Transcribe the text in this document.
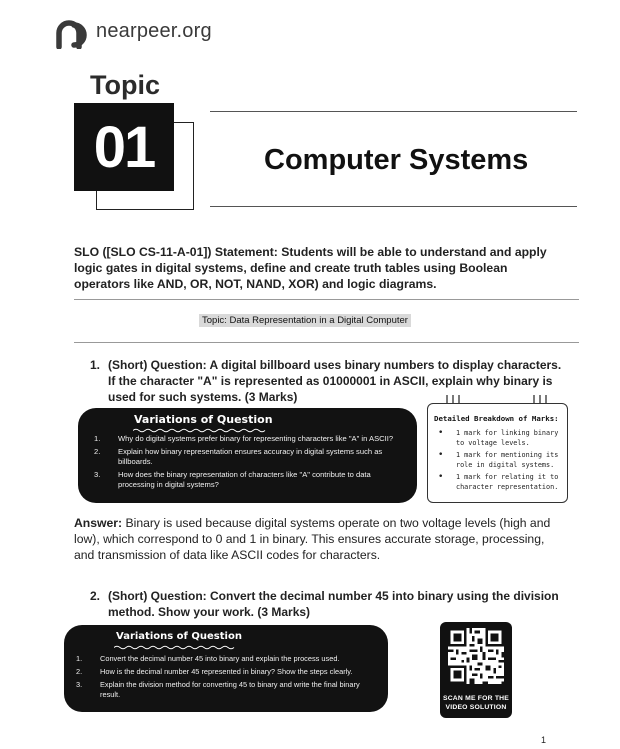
nearpeer.org
Topic
01	Computer Systems
SLO ([SLO CS-11-A-01]) Statement: Students will be able to understand and apply logic gates in digital systems, define and create truth tables using Boolean operators like AND, OR, NOT, NAND, XOR) and logic diagrams.
Topic: Data Representation in a Digital Computer
1. (Short) Question: A digital billboard uses binary numbers to display characters. If the character "A" is represented as 01000001 in ASCII, explain why binary is used for such systems. (3 Marks)
Variations of Question
1. Why do digital systems prefer binary for representing characters like "A" in ASCII?
2. Explain how binary representation ensures accuracy in digital systems such as billboards.
3. How does the binary representation of characters like "A" contribute to data processing in digital systems?
Detailed Breakdown of Marks:
• 1 mark for linking binary to voltage levels.
• 1 mark for mentioning its role in digital systems.
• 1 mark for relating it to character representation.
Answer: Binary is used because digital systems operate on two voltage levels (high and low), which correspond to 0 and 1 in binary. This ensures accurate storage, processing, and transmission of data like ASCII codes for characters.
2. (Short) Question: Convert the decimal number 45 into binary using the division method. Show your work. (3 Marks)
Variations of Question
1. Convert the decimal number 45 into binary and explain the process used.
2. How is the decimal number 45 represented in binary? Show the steps clearly.
3. Explain the division method for converting 45 to binary and write the final binary result.	SCAN ME FOR THE
VIDEO SOLUTION
1
